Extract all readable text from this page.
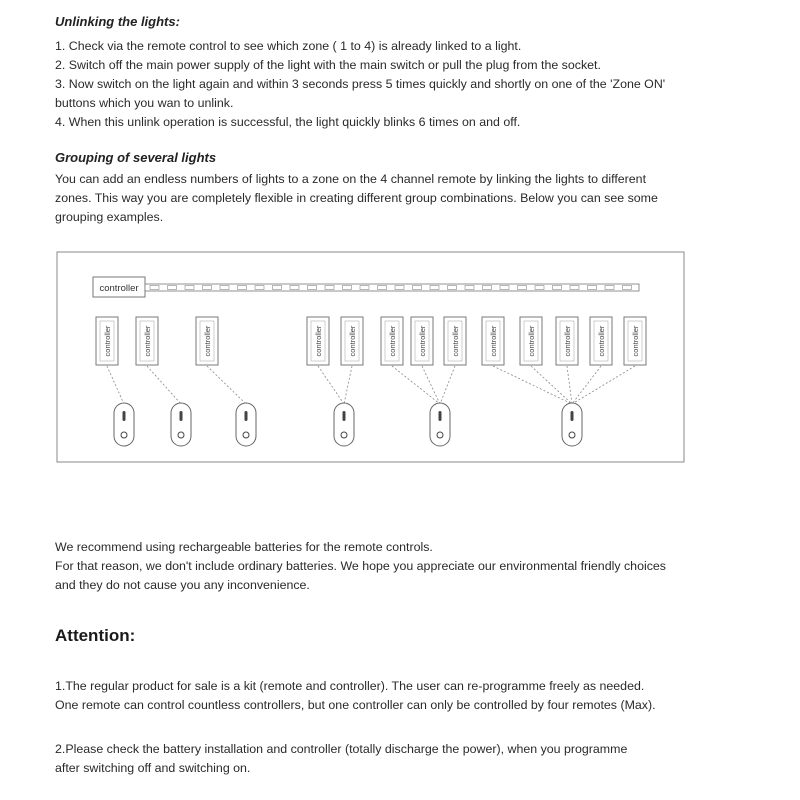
Unlinking the lights:
1. Check via the remote control to see which zone ( 1 to 4) is already linked to a light.
2. Switch off the main power supply of the light with the main switch or pull the plug from the socket.
3. Now switch on the light again and within 3 seconds press 5 times quickly and shortly on one of the 'Zone ON'
buttons which you wan to unlink.
4. When this unlink operation is successful, the light quickly blinks 6 times on and off.
Grouping of several lights
You can add an endless numbers of lights to a zone on the 4 channel remote by linking the lights to different
zones. This way you are completely flexible in creating different group combinations. Below you can see some
grouping examples.
controller
controller	controller	controller	controller	controller	controller	controller	controller	controller	controller	controller	controller	controller
We recommend using rechargeable batteries for the remote controls.
For that reason, we don't include ordinary batteries. We hope you appreciate our environmental friendly choices
and they do not cause you any inconvenience.
Attention:
1.The regular product for sale is a kit (remote and controller). The user can re-programme freely as needed.
One remote can control countless controllers, but one controller can only be controlled by four remotes (Max).
2.Please check the battery installation and controller (totally discharge the power), when you programme
after switching off and switching on.
